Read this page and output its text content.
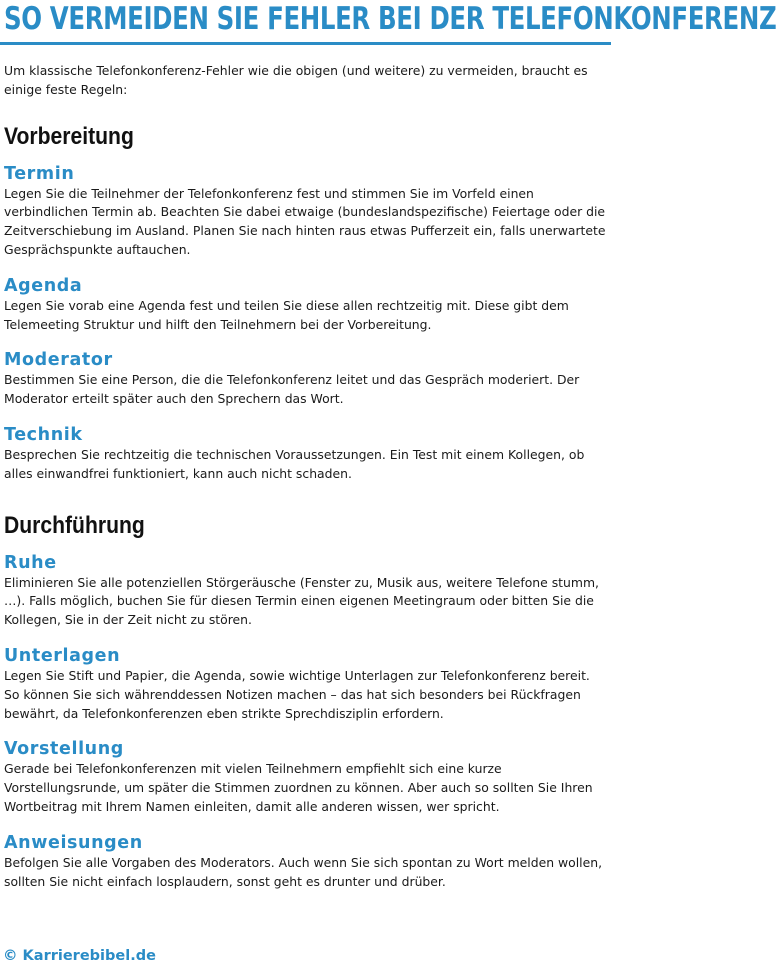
SO VERMEIDEN SIE FEHLER BEI DER TELEFONKONFERENZ

Um klassische Telefonkonferenz-Fehler wie die obigen (und weitere) zu vermeiden, braucht es einige feste Regeln:

Vorbereitung
Termin

Legen Sie die Teilnehmer der Telefonkonferenz fest und stimmen Sie im Vorfeld einen verbindlichen Termin ab. Beachten Sie dabei etwaige (bundeslandspezifische) Feiertage oder die Zeitverschiebung im Ausland. Planen Sie nach hinten raus etwas Pufferzeit ein, falls unerwartete Gesprächspunkte auftauchen.

Agenda

Legen Sie vorab eine Agenda fest und teilen Sie diese allen rechtzeitig mit. Diese gibt dem Telemeeting Struktur und hilft den Teilnehmern bei der Vorbereitung.

Moderator

Bestimmen Sie eine Person, die die Telefonkonferenz leitet und das Gespräch moderiert. Der Moderator erteilt später auch den Sprechern das Wort.

Technik

Besprechen Sie rechtzeitig die technischen Voraussetzungen. Ein Test mit einem Kollegen, ob alles einwandfrei funktioniert, kann auch nicht schaden.

Durchführung
Ruhe

Eliminieren Sie alle potenziellen Störgeräusche (Fenster zu, Musik aus, weitere Telefone stumm, …). Falls möglich, buchen Sie für diesen Termin einen eigenen Meetingraum oder bitten Sie die Kollegen, Sie in der Zeit nicht zu stören.

Unterlagen

Legen Sie Stift und Papier, die Agenda, sowie wichtige Unterlagen zur Telefonkonferenz bereit. So können Sie sich währenddessen Notizen machen – das hat sich besonders bei Rückfragen bewährt, da Telefonkonferenzen eben strikte Sprechdisziplin erfordern.

Vorstellung

Gerade bei Telefonkonferenzen mit vielen Teilnehmern empfiehlt sich eine kurze Vorstellungsrunde, um später die Stimmen zuordnen zu können. Aber auch so sollten Sie Ihren Wortbeitrag mit Ihrem Namen einleiten, damit alle anderen wissen, wer spricht.

Anweisungen

Befolgen Sie alle Vorgaben des Moderators. Auch wenn Sie sich spontan zu Wort melden wollen, sollten Sie nicht einfach losplaudern, sonst geht es drunter und drüber.

© Karrierebibel.de
